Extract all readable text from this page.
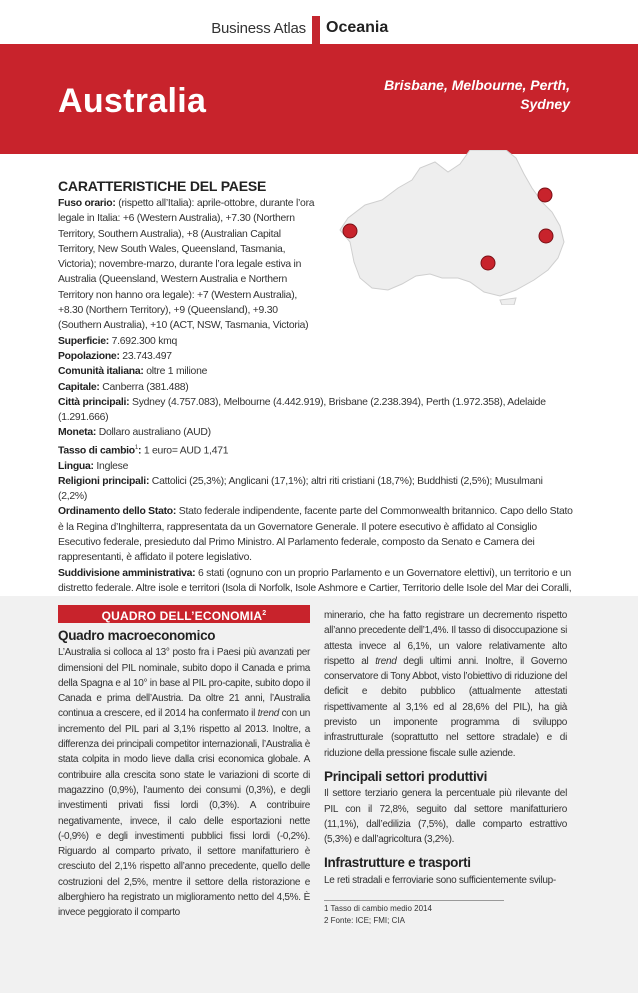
Business Atlas Oceania
Australia	Brisbane, Melbourne, Perth,
Sydney
CARATTERISTICHE DEL PAESE

Fuso orario: (rispetto all’Italia): aprile-ottobre, durante l’ora legale in Italia: +6 (Western Australia), +7.30 (Northern Territory, Southern Australia), +8 (Australian Capital Territory, New South Wales, Queensland, Tasmania, Victoria); novembre-marzo, durante l’ora legale estiva in Australia (Queensland, Western Australia e Northern Territory non hanno ora legale): +7 (Western Australia), +8.30 (Northern Territory), +9 (Queensland), +9.30 (Southern Australia), +10 (ACT, NSW, Tasmania, Victoria)

Superficie: 7.692.300 kmq

Popolazione: 23.743.497

Comunità italiana: oltre 1 milione

Capitale: Canberra (381.488)

Città principali: Sydney (4.757.083), Melbourne (4.442.919), Brisbane (2.238.394), Perth (1.972.358), Adelaide (1.291.666)

Moneta: Dollaro australiano (AUD)

Tasso di cambio$^1$: 1 euro= AUD 1,471

Lingua: Inglese

Religioni principali: Cattolici (25,3%); Anglicani (17,1%); altri riti cristiani (18,7%); Buddhisti (2,5%); Musulmani (2,2%)

Ordinamento dello Stato: Stato federale indipendente, facente parte del Commonwealth britannico. Capo dello Stato è la Regina d’Inghilterra, rappresentata da un Governatore Generale. Il potere esecutivo è affidato al Consiglio Esecutivo federale, presieduto dal Primo Ministro. Al Parlamento federale, composto da Senato e Camera dei rappresentanti, è affidato il potere legislativo.

Suddivisione amministrativa: 6 stati (ognuno con un proprio Parlamento e un Governatore elettivi), un territorio e un distretto federale. Altre isole e territori (Isola di Norfolk, Isole Ashmore e Cartier, Territorio delle Isole del Mar dei Coralli,

QUADRO DELL’ECONOMIA$^2$
Quadro macroeconomico

L’Australia si colloca al 13° posto fra i Paesi più avanzati per dimensioni del PIL nominale, subito dopo il Canada e prima della Spagna e al 10° in base al PIL pro-capite, subito dopo il Canada e prima dell’Austria. Da oltre 21 anni, l’Australia continua a crescere, ed il 2014 ha confermato il trend con un incremento del PIL pari al 3,1% rispetto al 2013. Inoltre, a differenza dei principali competitor internazionali, l’Australia è stata colpita in modo lieve dalla crisi economica globale. A contribuire alla crescita sono state le variazioni di scorte di magazzino (0,9%), l’aumento dei consumi (0,3%), e degli investimenti privati fissi lordi (0,3%). A contribuire negativamente, invece, il calo delle esportazioni nette (-0,9%) e degli investimenti pubblici fissi lordi (-0,2%). Riguardo al comparto privato, il settore manifatturiero è cresciuto del 2,1% rispetto all’anno precedente, quello delle costruzioni del 2,5%, mentre il settore della ristorazione e alberghiero ha registrato un miglioramento netto del 4,5%. È invece peggiorato il comparto

minerario, che ha fatto registrare un decremento rispetto all’anno precedente dell’1,4%. Il tasso di disoccupazione si attesta invece al 6,1%, un valore relativamente alto rispetto al trend degli ultimi anni. Inoltre, il Governo conservatore di Tony Abbot, visto l’obiettivo di riduzione del deficit e debito pubblico (attualmente attestati rispettivamente al 3,1% ed al 28,6% del PIL), ha già previsto un imponente programma di sviluppo infrastrutturale (soprattutto nel settore stradale) e di riduzione della pressione fiscale sulle aziende.

Principali settori produttivi

Il settore terziario genera la percentuale più rilevante del PIL con il 72,8%, seguito dal settore manifatturiero (11,1%), dall’edilizia (7,5%), dalle comparto estrattivo (5,3%) e dall’agricoltura (3,2%).

Infrastrutture e trasporti

Le reti stradali e ferroviarie sono sufficientemente svilup-

1 Tasso di cambio medio 2014
2 Fonte: ICE; FMI; CIA
